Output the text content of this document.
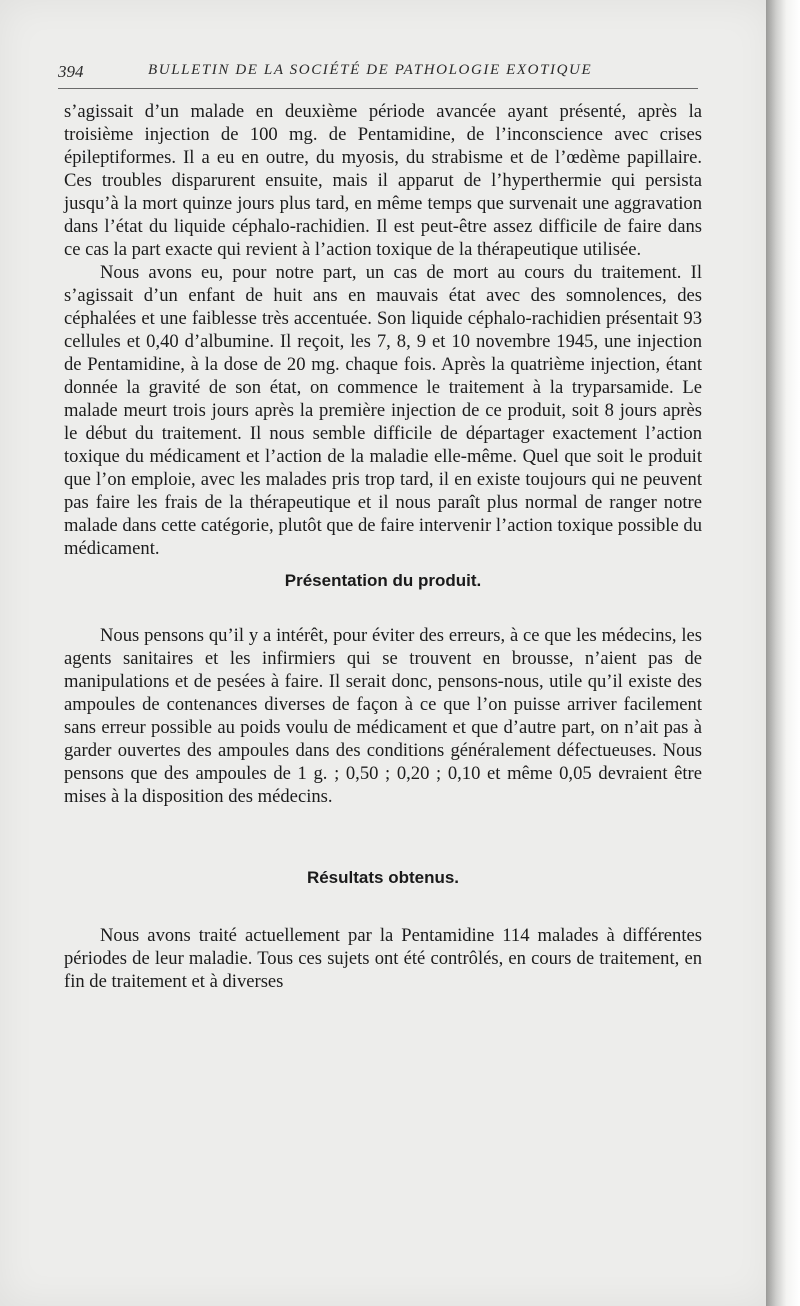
394	BULLETIN DE LA SOCIÉTÉ DE PATHOLOGIE EXOTIQUE

s’agissait d’un malade en deuxième période avancée ayant présenté, après la troisième injection de 100 mg. de Pentamidine, de l’inconscience avec crises épileptiformes. Il a eu en outre, du myosis, du strabisme et de l’œdème papillaire. Ces troubles disparurent ensuite, mais il apparut de l’hyperthermie qui persista jusqu’à la mort quinze jours plus tard, en même temps que survenait une aggravation dans l’état du liquide céphalo-rachidien. Il est peut-être assez difficile de faire dans ce cas la part exacte qui revient à l’action toxique de la thérapeutique utilisée.

Nous avons eu, pour notre part, un cas de mort au cours du traitement. Il s’agissait d’un enfant de huit ans en mauvais état avec des somnolences, des céphalées et une faiblesse très accentuée. Son liquide céphalo-rachidien présentait 93 cellules et 0,40 d’albumine. Il reçoit, les 7, 8, 9 et 10 novembre 1945, une injection de Pentamidine, à la dose de 20 mg. chaque fois. Après la quatrième injection, étant donnée la gravité de son état, on commence le traitement à la tryparsamide. Le malade meurt trois jours après la première injection de ce produit, soit 8 jours après le début du traitement. Il nous semble difficile de départager exactement l’action toxique du médicament et l’action de la maladie elle-même. Quel que soit le produit que l’on emploie, avec les malades pris trop tard, il en existe toujours qui ne peuvent pas faire les frais de la thérapeutique et il nous paraît plus normal de ranger notre malade dans cette catégorie, plutôt que de faire intervenir l’action toxique possible du médicament.

Présentation du produit.

Nous pensons qu’il y a intérêt, pour éviter des erreurs, à ce que les médecins, les agents sanitaires et les infirmiers qui se trouvent en brousse, n’aient pas de manipulations et de pesées à faire. Il serait donc, pensons-nous, utile qu’il existe des ampoules de contenances diverses de façon à ce que l’on puisse arriver facilement sans erreur possible au poids voulu de médicament et que d’autre part, on n’ait pas à garder ouvertes des ampoules dans des conditions généralement défectueuses. Nous pensons que des ampoules de 1 g. ; 0,50 ; 0,20 ; 0,10 et même 0,05 devraient être mises à la disposition des médecins.

Résultats obtenus.

Nous avons traité actuellement par la Pentamidine 114 malades à différentes périodes de leur maladie. Tous ces sujets ont été contrôlés, en cours de traitement, en fin de traitement et à diverses
